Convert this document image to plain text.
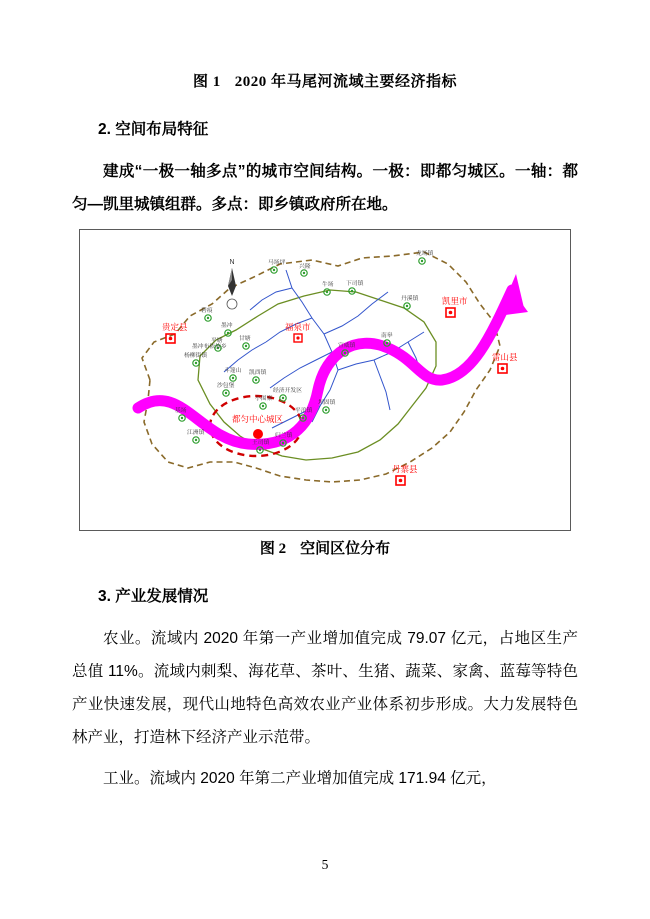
图 1 2020 年马尾河流域主要经济指标
2. 空间布局特征
建成“一极一轴多点”的城市空间结构。一极：即都匀城区。一轴：都匀—凯里城镇组群。多点：即乡镇政府所在地。
N
贵定县
凯里市
雷山县
丹寨县
福泉市
都匀中心城区
马场坪
龙场镇
兴隆
牛场 下司镇
丹溪镇
碧痕
墨冲
平塘	甘塘
宣威镇
南皋
杨柳街镇
斗篷山 凯酉镇
沙包堡
小围寨
经济开发区
平浪镇
坝固镇
基场
江洲镇
王司镇
归兰镇
墨冲布依族乡
图 2 空间区位分布
3. 产业发展情况
农业。流域内 2020 年第一产业增加值完成 79.07 亿元，占地区生产总值 11%。流域内刺梨、海花草、茶叶、生猪、蔬菜、家禽、蓝莓等特色产业快速发展，现代山地特色高效农业产业体系初步形成。大力发展特色林产业，打造林下经济产业示范带。
工业。流域内 2020 年第二产业增加值完成 171.94 亿元，
5
